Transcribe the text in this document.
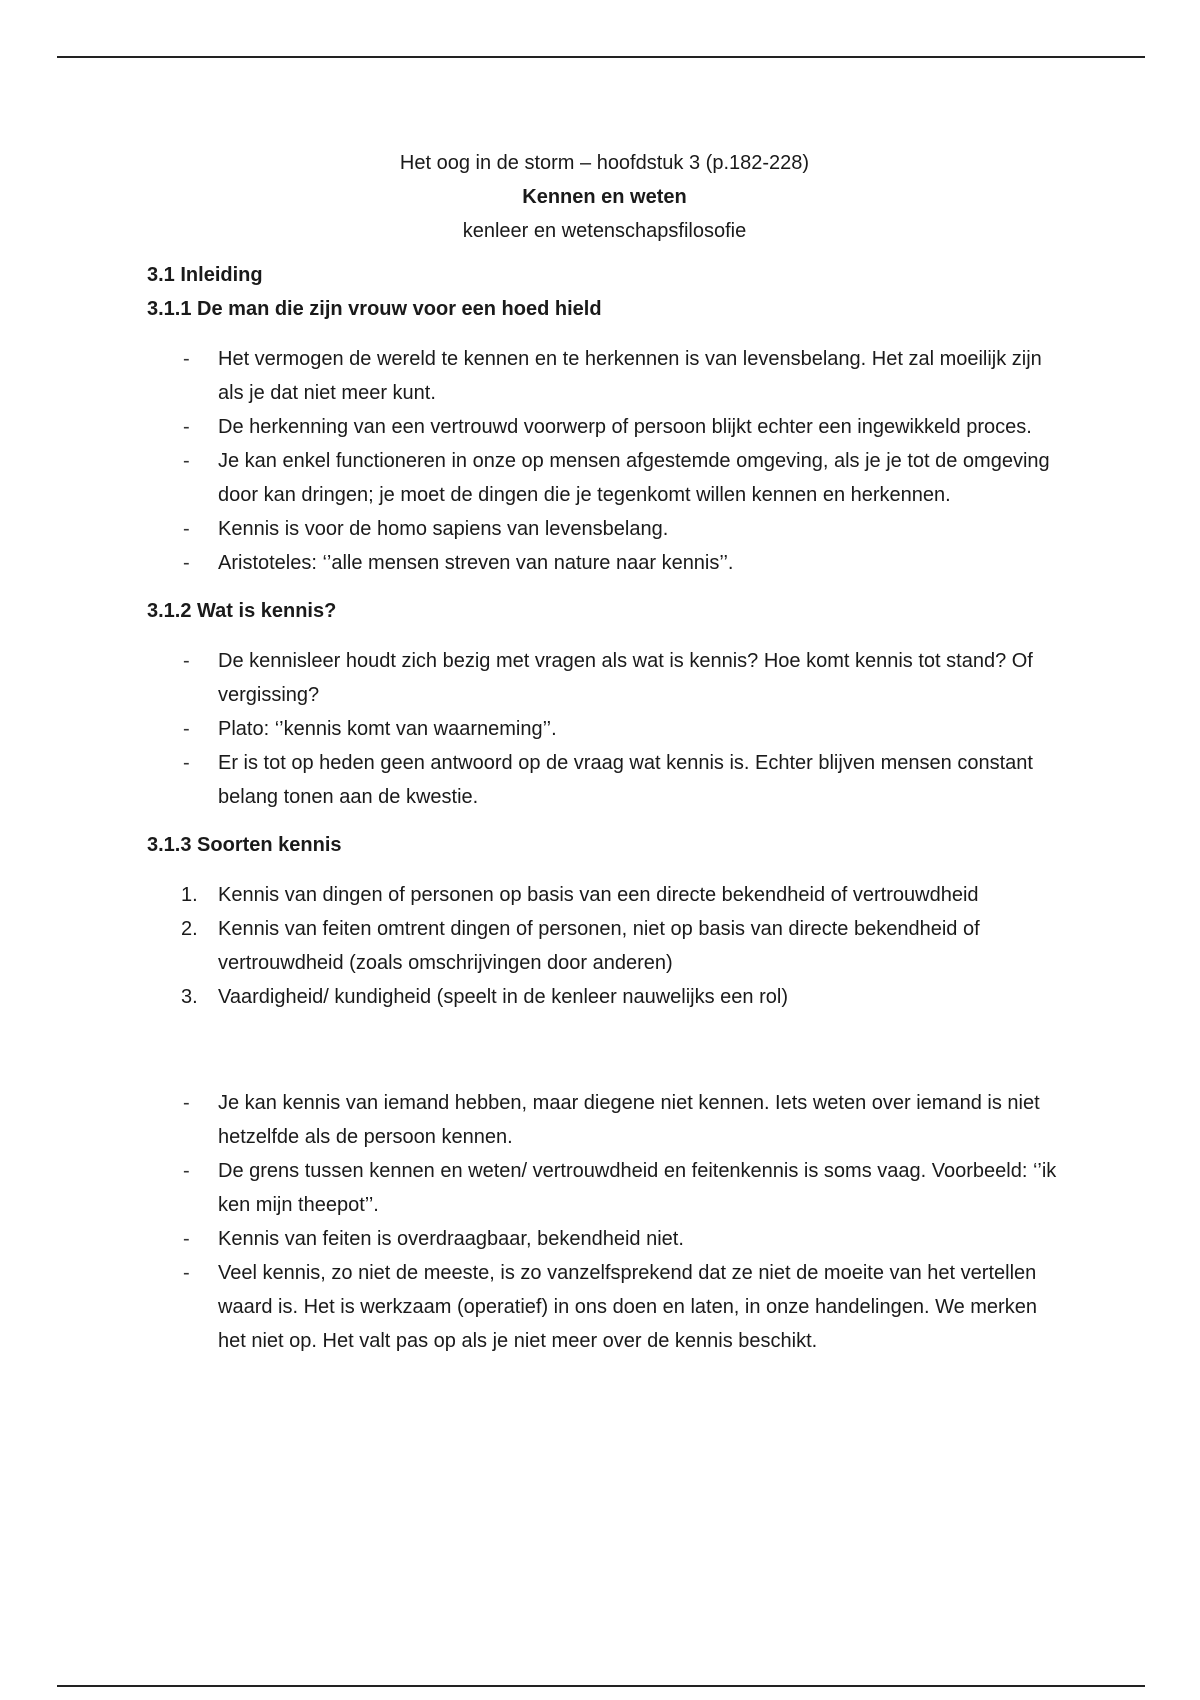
Het oog in de storm – hoofdstuk 3 (p.182-228)
Kennen en weten
kenleer en wetenschapsfilosofie
3.1 Inleiding
3.1.1 De man die zijn vrouw voor een hoed hield
- Het vermogen de wereld te kennen en te herkennen is van levensbelang. Het zal moeilijk zijn als je dat niet meer kunt.
- De herkenning van een vertrouwd voorwerp of persoon blijkt echter een ingewikkeld proces.
- Je kan enkel functioneren in onze op mensen afgestemde omgeving, als je je tot de omgeving door kan dringen; je moet de dingen die je tegenkomt willen kennen en herkennen.
- Kennis is voor de homo sapiens van levensbelang.
- Aristoteles: ‘’alle mensen streven van nature naar kennis’’.
3.1.2 Wat is kennis?
- De kennisleer houdt zich bezig met vragen als wat is kennis? Hoe komt kennis tot stand? Of vergissing?
- Plato: ‘’kennis komt van waarneming’’.
- Er is tot op heden geen antwoord op de vraag wat kennis is. Echter blijven mensen constant belang tonen aan de kwestie.
3.1.3 Soorten kennis
1. Kennis van dingen of personen op basis van een directe bekendheid of vertrouwdheid
2. Kennis van feiten omtrent dingen of personen, niet op basis van directe bekendheid of vertrouwdheid (zoals omschrijvingen door anderen)
3. Vaardigheid/ kundigheid (speelt in de kenleer nauwelijks een rol)
- Je kan kennis van iemand hebben, maar diegene niet kennen. Iets weten over iemand is niet hetzelfde als de persoon kennen.
- De grens tussen kennen en weten/ vertrouwdheid en feitenkennis is soms vaag. Voorbeeld: ‘’ik ken mijn theepot’’.
- Kennis van feiten is overdraagbaar, bekendheid niet.
- Veel kennis, zo niet de meeste, is zo vanzelfsprekend dat ze niet de moeite van het vertellen waard is. Het is werkzaam (operatief) in ons doen en laten, in onze handelingen. We merken het niet op. Het valt pas op als je niet meer over de kennis beschikt.
